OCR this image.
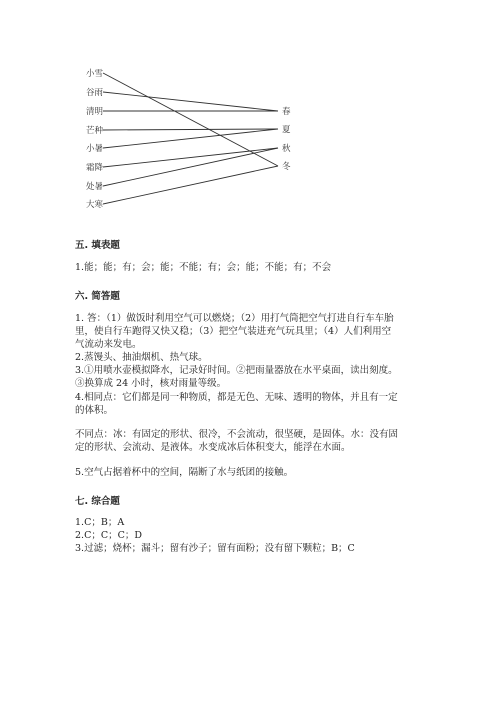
小雪
谷雨
清明
芒种
小暑
霜降
处暑
大寒
春
夏
秋
冬
五. 填表题
1.能；能；有；会；能；不能；有；会；能；不能；有；不会
六. 简答题
1. 答：（1）做饭时利用空气可以燃烧；（2）用打气筒把空气打进自行车车胎
里，使自行车跑得又快又稳；（3）把空气装进充气玩具里；（4）人们利用空
气流动来发电。
2.蒸馒头、抽油烟机、热气球。
3.①用喷水壶模拟降水，记录好时间。②把雨量器放在水平桌面，读出刻度。
③换算成 24 小时，核对雨量等级。
4.相同点：它们都是同一种物质，都是无色、无味、透明的物体，并且有一定
的体积。
不同点：冰：有固定的形状、很冷，不会流动，很坚硬，是固体。水：没有固
定的形状、会流动、是液体。水变成冰后体积变大，能浮在水面。
5.空气占据着杯中的空间，隔断了水与纸团的接触。
七. 综合题
1.C；B；A
2.C；C；C；D
3.过滤；烧杯；漏斗；留有沙子；留有面粉；没有留下颗粒；B；C
